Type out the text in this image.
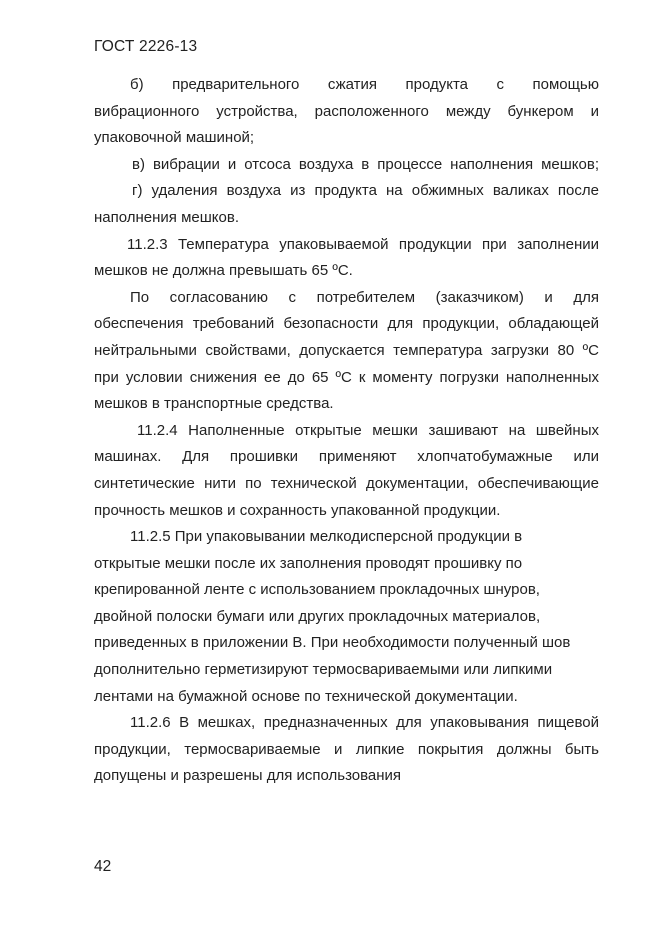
ГОСТ 2226-13
б) предварительного сжатия продукта с помощью
вибрационного устройства, расположенного между бункером и
упаковочной машиной;
в) вибрации и отсоса воздуха в процессе наполнения мешков;
г) удаления воздуха из продукта на обжимных валиках после
наполнения мешков.
11.2.3 Температура упаковываемой продукции при заполнении
мешков не должна превышать 65 ºС.
По согласованию с потребителем (заказчиком) и для
обеспечения требований безопасности для продукции, обладающей
нейтральными свойствами, допускается температура загрузки 80 ºС
при условии снижения ее до 65 ºС к моменту погрузки наполненных
мешков в транспортные средства.
11.2.4 Наполненные открытые мешки зашивают на швейных
машинах. Для прошивки применяют хлопчатобумажные или
синтетические нити по технической документации, обеспечивающие
прочность мешков и сохранность упакованной продукции.
11.2.5 При упаковывании мелкодисперсной продукции в
открытые мешки после их заполнения проводят прошивку по
крепированной ленте с использованием прокладочных шнуров,
двойной полоски бумаги или других прокладочных материалов,
приведенных в приложении В. При необходимости полученный шов
дополнительно герметизируют термосвариваемыми или липкими
лентами на бумажной основе по технической документации.
11.2.6 В мешках, предназначенных для упаковывания пищевой
продукции, термосвариваемые и липкие покрытия должны быть
допущены и разрешены для использования
42
